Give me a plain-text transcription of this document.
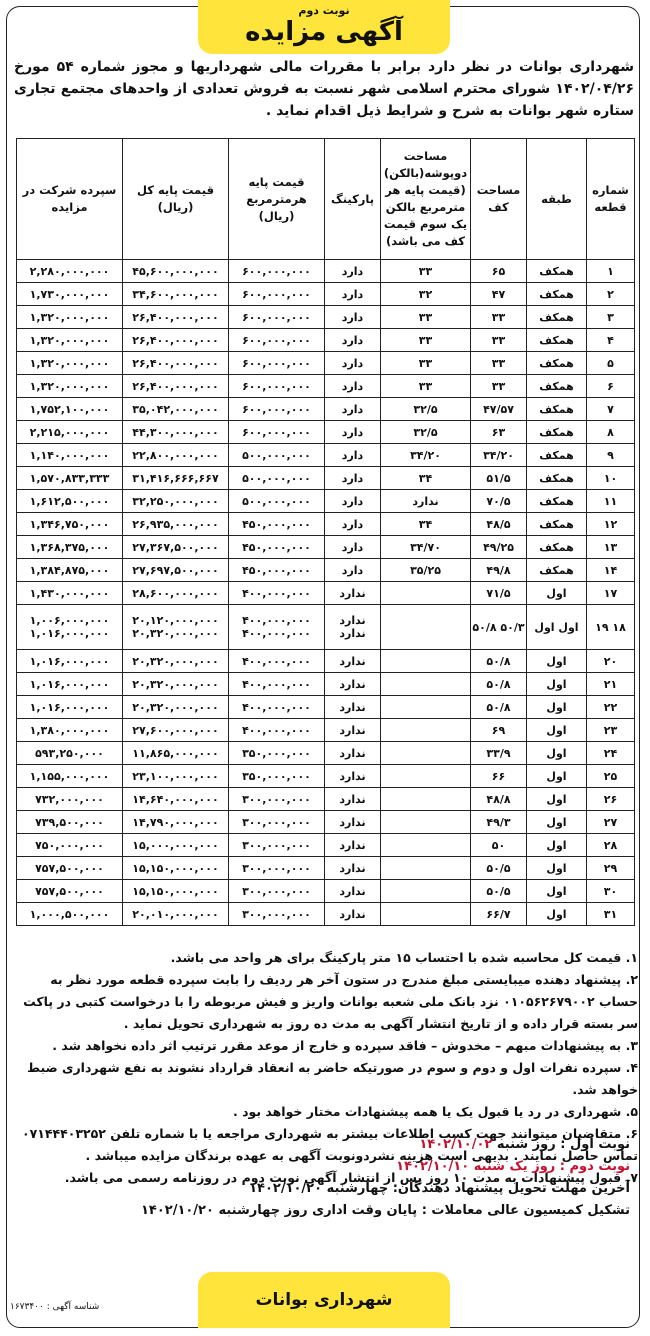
نوبت دوم
آگهی مزایده
شهرداری بوانات در نظر دارد برابر با مقررات مالی شهرداریها و مجوز شماره ۵۴ مورخ ۱۴۰۲/۰۴/۲۶ شورای محترم اسلامی شهر نسبت به فروش تعدادی از واحدهای مجتمع تجاری ستاره شهر بوانات به شرح و شرایط ذیل اقدام نماید .
شماره قطعه	طبقه	مساحت کف	مساحت دوپوشه(بالکن) (قیمت پایه هر مترمربع بالکن یک سوم قیمت کف می باشد)	پارکینگ	قیمت پایه هرمترمربع (ریال)	قیمت پایه کل (ریال)	سپرده شرکت در مزایده
۱	همکف	۶۵	۳۳	دارد	۶۰۰,۰۰۰,۰۰۰	۴۵,۶۰۰,۰۰۰,۰۰۰	۲,۲۸۰,۰۰۰,۰۰۰
۲	همکف	۴۷	۳۲	دارد	۶۰۰,۰۰۰,۰۰۰	۳۴,۶۰۰,۰۰۰,۰۰۰	۱,۷۳۰,۰۰۰,۰۰۰
۳	همکف	۳۳	۳۳	دارد	۶۰۰,۰۰۰,۰۰۰	۲۶,۴۰۰,۰۰۰,۰۰۰	۱,۳۲۰,۰۰۰,۰۰۰
۴	همکف	۳۳	۳۳	دارد	۶۰۰,۰۰۰,۰۰۰	۲۶,۴۰۰,۰۰۰,۰۰۰	۱,۳۲۰,۰۰۰,۰۰۰
۵	همکف	۳۳	۳۳	دارد	۶۰۰,۰۰۰,۰۰۰	۲۶,۴۰۰,۰۰۰,۰۰۰	۱,۳۲۰,۰۰۰,۰۰۰
۶	همکف	۳۳	۳۳	دارد	۶۰۰,۰۰۰,۰۰۰	۲۶,۴۰۰,۰۰۰,۰۰۰	۱,۳۲۰,۰۰۰,۰۰۰
۷	همکف	۴۷/۵۷	۳۲/۵	دارد	۶۰۰,۰۰۰,۰۰۰	۳۵,۰۴۲,۰۰۰,۰۰۰	۱,۷۵۲,۱۰۰,۰۰۰
۸	همکف	۶۳	۳۲/۵	دارد	۶۰۰,۰۰۰,۰۰۰	۴۴,۳۰۰,۰۰۰,۰۰۰	۲,۲۱۵,۰۰۰,۰۰۰
۹	همکف	۳۴/۲۰	۳۴/۲۰	دارد	۵۰۰,۰۰۰,۰۰۰	۲۲,۸۰۰,۰۰۰,۰۰۰	۱,۱۴۰,۰۰۰,۰۰۰
۱۰	همکف	۵۱/۵	۳۴	دارد	۵۰۰,۰۰۰,۰۰۰	۳۱,۴۱۶,۶۶۶,۶۶۷	۱,۵۷۰,۸۳۳,۳۳۳
۱۱	همکف	۷۰/۵	ندارد	دارد	۵۰۰,۰۰۰,۰۰۰	۳۲,۲۵۰,۰۰۰,۰۰۰	۱,۶۱۲,۵۰۰,۰۰۰
۱۲	همکف	۴۸/۵	۳۴	دارد	۴۵۰,۰۰۰,۰۰۰	۲۶,۹۳۵,۰۰۰,۰۰۰	۱,۳۴۶,۷۵۰,۰۰۰
۱۳	همکف	۴۹/۲۵	۳۴/۷۰	دارد	۴۵۰,۰۰۰,۰۰۰	۲۷,۳۶۷,۵۰۰,۰۰۰	۱,۳۶۸,۳۷۵,۰۰۰
۱۴	همکف	۴۹/۸	۳۵/۲۵	دارد	۴۵۰,۰۰۰,۰۰۰	۲۷,۶۹۷,۵۰۰,۰۰۰	۱,۳۸۴,۸۷۵,۰۰۰
۱۷	اول	۷۱/۵		ندارد	۴۰۰,۰۰۰,۰۰۰	۲۸,۶۰۰,۰۰۰,۰۰۰	۱,۴۳۰,۰۰۰,۰۰۰
۱۸ ۱۹	اول اول	۵۰/۳ ۵۰/۸		ندارد ندارد	۴۰۰,۰۰۰,۰۰۰ ۴۰۰,۰۰۰,۰۰۰	۲۰,۱۲۰,۰۰۰,۰۰۰ ۲۰,۳۲۰,۰۰۰,۰۰۰	۱,۰۰۶,۰۰۰,۰۰۰ ۱,۰۱۶,۰۰۰,۰۰۰
۲۰	اول	۵۰/۸		ندارد	۴۰۰,۰۰۰,۰۰۰	۲۰,۳۲۰,۰۰۰,۰۰۰	۱,۰۱۶,۰۰۰,۰۰۰
۲۱	اول	۵۰/۸		ندارد	۴۰۰,۰۰۰,۰۰۰	۲۰,۳۲۰,۰۰۰,۰۰۰	۱,۰۱۶,۰۰۰,۰۰۰
۲۲	اول	۵۰/۸		ندارد	۴۰۰,۰۰۰,۰۰۰	۲۰,۳۲۰,۰۰۰,۰۰۰	۱,۰۱۶,۰۰۰,۰۰۰
۲۳	اول	۶۹		ندارد	۴۰۰,۰۰۰,۰۰۰	۲۷,۶۰۰,۰۰۰,۰۰۰	۱,۳۸۰,۰۰۰,۰۰۰
۲۴	اول	۳۳/۹		ندارد	۳۵۰,۰۰۰,۰۰۰	۱۱,۸۶۵,۰۰۰,۰۰۰	۵۹۳,۲۵۰,۰۰۰
۲۵	اول	۶۶		ندارد	۳۵۰,۰۰۰,۰۰۰	۲۳,۱۰۰,۰۰۰,۰۰۰	۱,۱۵۵,۰۰۰,۰۰۰
۲۶	اول	۴۸/۸		ندارد	۳۰۰,۰۰۰,۰۰۰	۱۴,۶۴۰,۰۰۰,۰۰۰	۷۳۲,۰۰۰,۰۰۰
۲۷	اول	۴۹/۳		ندارد	۳۰۰,۰۰۰,۰۰۰	۱۴,۷۹۰,۰۰۰,۰۰۰	۷۳۹,۵۰۰,۰۰۰
۲۸	اول	۵۰		ندارد	۳۰۰,۰۰۰,۰۰۰	۱۵,۰۰۰,۰۰۰,۰۰۰	۷۵۰,۰۰۰,۰۰۰
۲۹	اول	۵۰/۵		ندارد	۳۰۰,۰۰۰,۰۰۰	۱۵,۱۵۰,۰۰۰,۰۰۰	۷۵۷,۵۰۰,۰۰۰
۳۰	اول	۵۰/۵		ندارد	۳۰۰,۰۰۰,۰۰۰	۱۵,۱۵۰,۰۰۰,۰۰۰	۷۵۷,۵۰۰,۰۰۰
۳۱	اول	۶۶/۷		ندارد	۳۰۰,۰۰۰,۰۰۰	۲۰,۰۱۰,۰۰۰,۰۰۰	۱,۰۰۰,۵۰۰,۰۰۰

۱. قیمت کل محاسبه شده با احتساب ۱۵ متر پارکینگ برای هر واحد می باشد.

۲. پیشنهاد دهنده میبایستی مبلغ مندرج در ستون آخر هر ردیف را بابت سپرده قطعه مورد نظر به حساب ۰۱۰۵۶۲۶۷۹۰۰۲ نزد بانک ملی شعبه بوانات واریز و فیش مربوطه را با درخواست کتبی در پاکت سر بسته قرار داده و از تاریخ انتشار آگهی به مدت ده روز به شهرداری تحویل نماید .

۳. به پیشنهادات مبهم – مخدوش – فاقد سپرده و خارج از موعد مقرر ترتیب اثر داده نخواهد شد .

۴. سپرده نفرات اول و دوم و سوم در صورتیکه حاضر به انعقاد قرارداد نشوند به نفع شهرداری ضبط خواهد شد.

۵. شهرداری در رد یا قبول یک یا همه پیشنهادات مختار خواهد بود .

۶. متقاضیان میتوانند جهت کسب اطلاعات بیشتر به شهرداری مراجعه یا با شماره تلفن ۰۷۱۴۴۴۰۳۲۵۲ تماس حاصل نمایند . بدیهی است هزینه نشردونوبت آگهی به عهده برندگان مزایده میباشد .

۷. قبول پیشنهادات به مدت ۱۰ روز پس از انتشار آگهی نوبت دوم در روزنامه رسمی می باشد.

نوبت اول : روز شنبه ۱۴۰۲/۱۰/۰۲

نوبت دوم : روز یک شنبه ۱۴۰۲/۱۰/۱۰

آخرین مهلت تحویل پیشنهاد دهندگان: چهارشنبه ۱۴۰۲/۱۰/۲۰

تشکیل کمیسیون عالی معاملات : پایان وقت اداری روز چهارشنبه ۱۴۰۲/۱۰/۲۰

شهرداری بوانات
شناسه آگهی : ۱۶۷۳۴۰۰
